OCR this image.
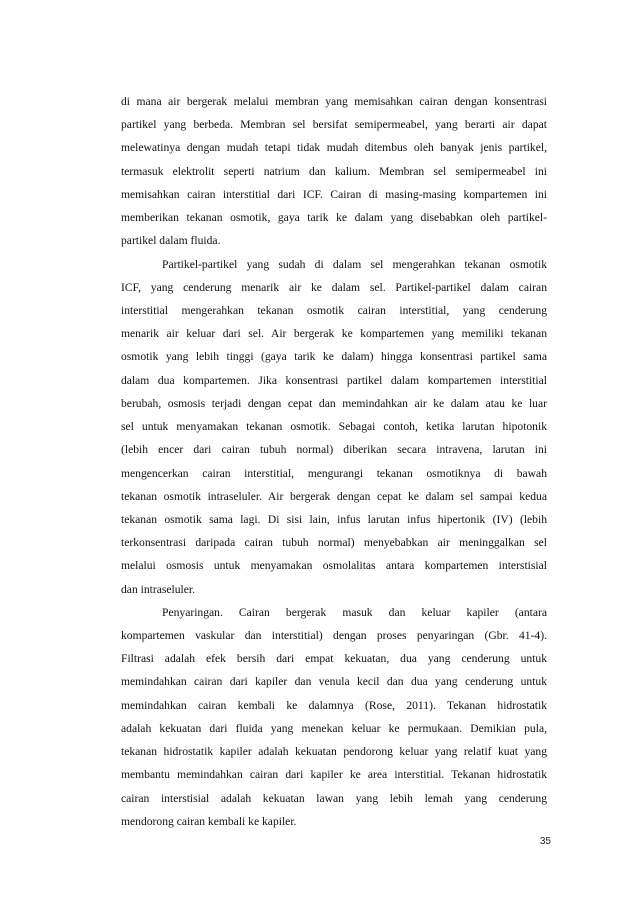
di mana air bergerak melalui membran yang memisahkan cairan dengan konsentrasi
partikel yang berbeda. Membran sel bersifat semipermeabel, yang berarti air dapat
melewatinya dengan mudah tetapi tidak mudah ditembus oleh banyak jenis partikel,
termasuk elektrolit seperti natrium dan kalium. Membran sel semipermeabel ini
memisahkan cairan interstitial dari ICF. Cairan di masing-masing kompartemen ini
memberikan tekanan osmotik, gaya tarik ke dalam yang disebabkan oleh partikel-
partikel dalam fluida.
Partikel-partikel yang sudah di dalam sel mengerahkan tekanan osmotik
ICF, yang cenderung menarik air ke dalam sel. Partikel-partikel dalam cairan
interstitial mengerahkan tekanan osmotik cairan interstitial, yang cenderung
menarik air keluar dari sel. Air bergerak ke kompartemen yang memiliki tekanan
osmotik yang lebih tinggi (gaya tarik ke dalam) hingga konsentrasi partikel sama
dalam dua kompartemen. Jika konsentrasi partikel dalam kompartemen interstitial
berubah, osmosis terjadi dengan cepat dan memindahkan air ke dalam atau ke luar
sel untuk menyamakan tekanan osmotik. Sebagai contoh, ketika larutan hipotonik
(lebih encer dari cairan tubuh normal) diberikan secara intravena, larutan ini
mengencerkan cairan interstitial, mengurangi tekanan osmotiknya di bawah
tekanan osmotik intraseluler. Air bergerak dengan cepat ke dalam sel sampai kedua
tekanan osmotik sama lagi. Di sisi lain, infus larutan infus hipertonik (IV) (lebih
terkonsentrasi daripada cairan tubuh normal) menyebabkan air meninggalkan sel
melalui osmosis untuk menyamakan osmolalitas antara kompartemen interstisial
dan intraseluler.
Penyaringan. Cairan bergerak masuk dan keluar kapiler (antara
kompartemen vaskular dan interstitial) dengan proses penyaringan (Gbr. 41-4).
Filtrasi adalah efek bersih dari empat kekuatan, dua yang cenderung untuk
memindahkan cairan dari kapiler dan venula kecil dan dua yang cenderung untuk
memindahkan cairan kembali ke dalamnya (Rose, 2011). Tekanan hidrostatik
adalah kekuatan dari fluida yang menekan keluar ke permukaan. Demikian pula,
tekanan hidrostatik kapiler adalah kekuatan pendorong keluar yang relatif kuat yang
membantu memindahkan cairan dari kapiler ke area interstitial. Tekanan hidrostatik
cairan interstisial adalah kekuatan lawan yang lebih lemah yang cenderung
mendorong cairan kembali ke kapiler.
35
